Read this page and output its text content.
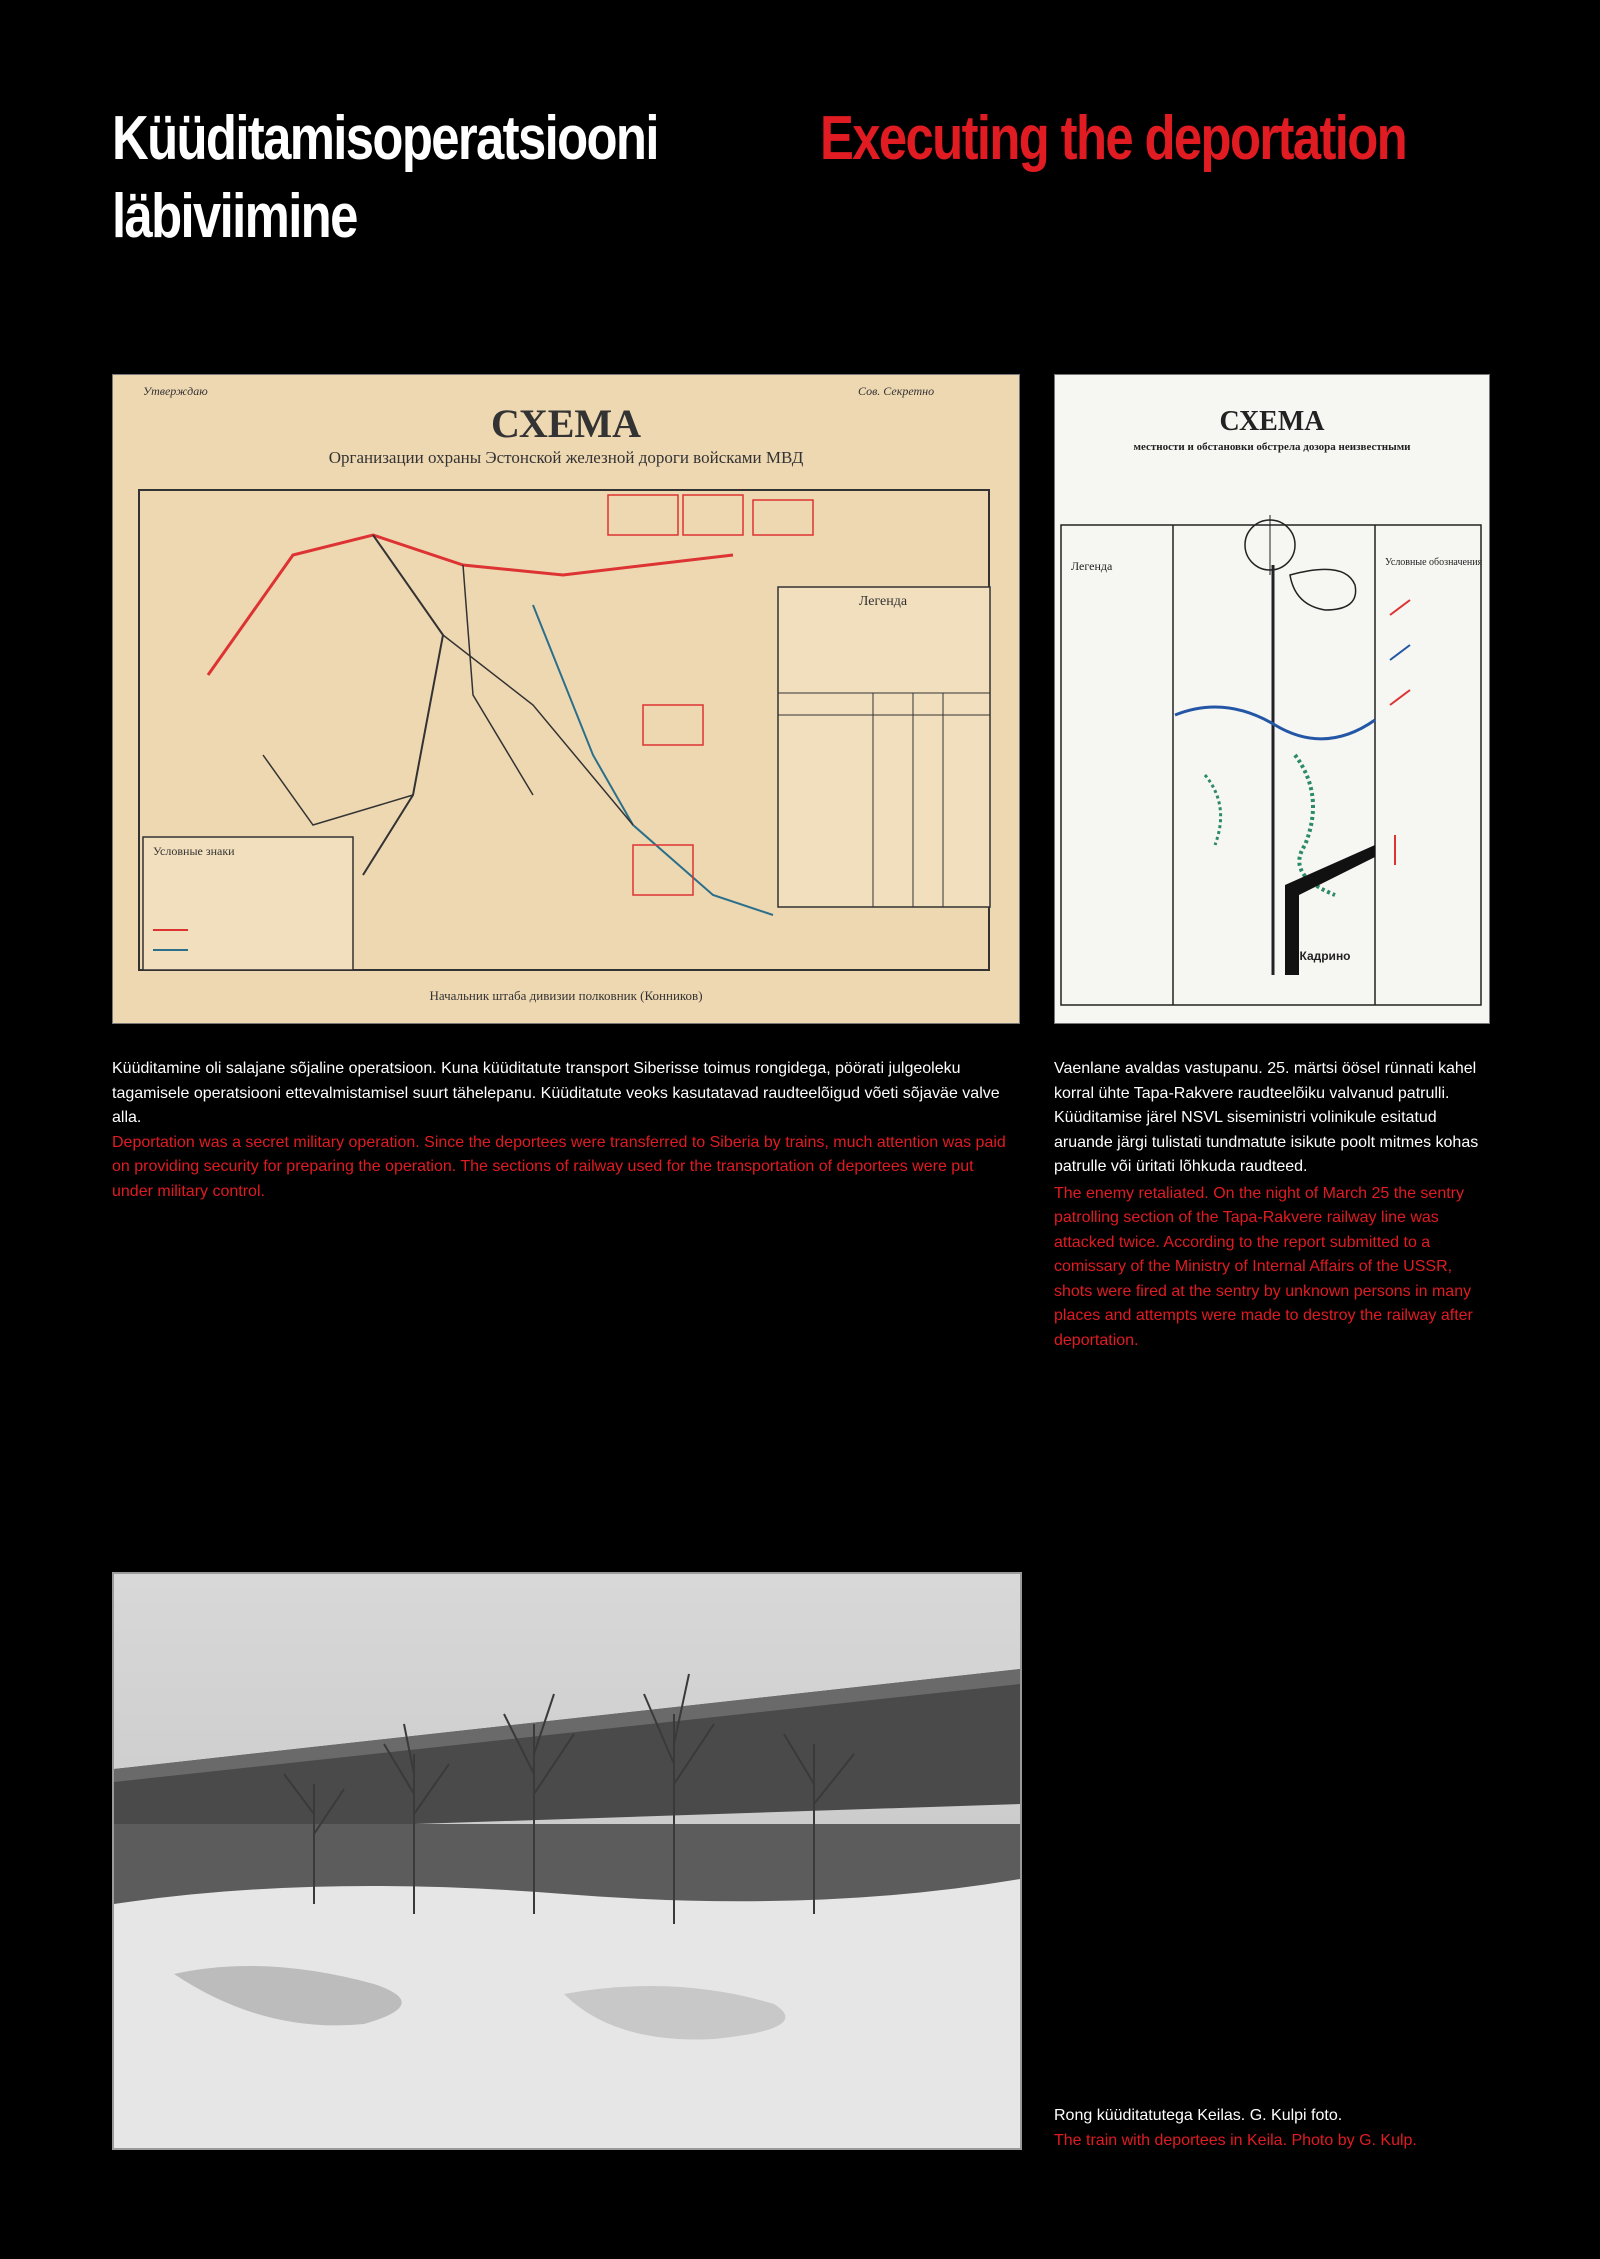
Küüditamisoperatsiooni läbiviimine
Executing the deportation
Утверждаю	Сов. Секретно
СХЕМА
Организации охраны Эстонской железной дороги войсками МВД
Легенда
Условные знаки
Начальник штаба дивизии полковник (Конников)
СХЕМА
местности и обстановки обстрела дозора неизвестными
Легенда	Условные обозначения
Кадрино

Küüditamine oli salajane sõjaline operatsioon. Kuna küüditatute transport Siberisse toimus rongidega, pöörati julgeoleku tagamisele operatsiooni ettevalmistamisel suurt tähelepanu. Küüditatute veoks kasutatavad raudteelõigud võeti sõjaväe valve alla.

Deportation was a secret military operation. Since the deportees were transferred to Siberia by trains, much attention was paid on providing security for preparing the operation. The sections of railway used for the transportation of deportees were put under military control.

Vaenlane avaldas vastupanu. 25. märtsi öösel rünnati kahel korral ühte Tapa-Rakvere raudteelõiku valvanud patrulli. Küüditamise järel NSVL siseministri volinikule esitatud aruande järgi tulistati tundmatute isikute poolt mitmes kohas patrulle või üritati lõhkuda raudteed.

The enemy retaliated. On the night of March 25 the sentry patrolling section of the Tapa-Rakvere railway line was attacked twice. According to the report submitted to a comissary of the Ministry of Internal Affairs of the USSR, shots were fired at the sentry by unknown persons in many places and attempts were made to destroy the railway after deportation.

Rong küüditatutega Keilas. G. Kulpi foto.

The train with deportees in Keila. Photo by G. Kulp.
